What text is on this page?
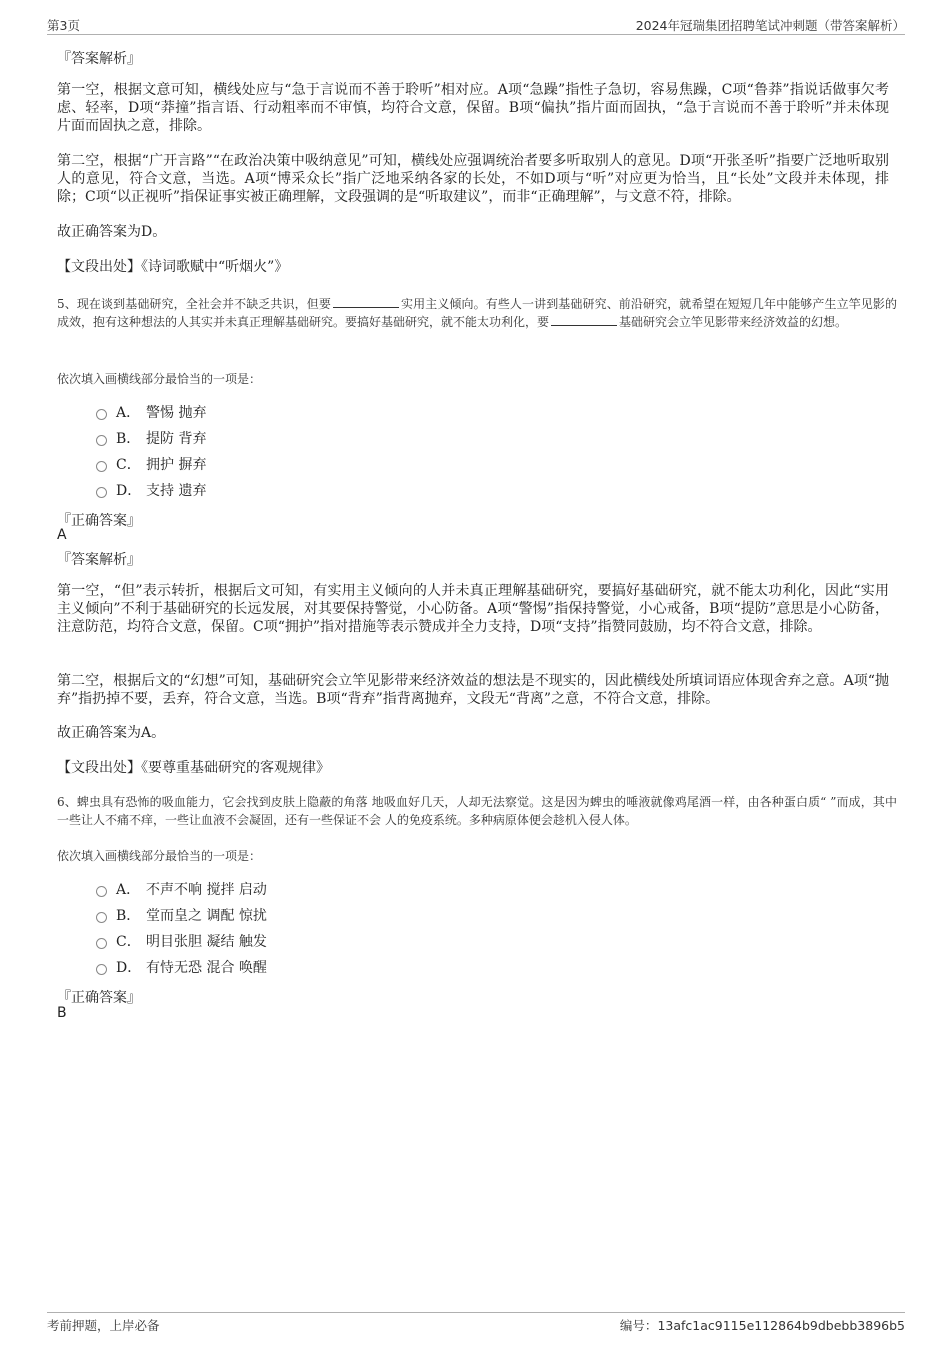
第3页	2024年冠瑞集团招聘笔试冲刺题（带答案解析）
『答案解析』
第一空，根据文意可知，横线处应与“急于言说而不善于聆听”相对应。A项“急躁”指性子急切，容易焦躁，C项“鲁莽”指说话做事欠考虑、轻率，D项“莽撞”指言语、行动粗率而不审慎，均符合文意，保留。B项“偏执”指片面而固执，“急于言说而不善于聆听”并未体现片面而固执之意，排除。
第二空，根据“广开言路”“在政治决策中吸纳意见”可知，横线处应强调统治者要多听取别人的意见。D项“开张圣听”指要广泛地听取别人的意见，符合文意，当选。A项“博采众长”指广泛地采纳各家的长处，不如D项与“听”对应更为恰当，且“长处”文段并未体现，排除；C项“以正视听”指保证事实被正确理解，文段强调的是“听取建议”，而非“正确理解”，与文意不符，排除。
故正确答案为D。
【文段出处】《诗词歌赋中“听烟火”》
5、现在谈到基础研究，全社会并不缺乏共识，但要	实用主义倾向。有些人一讲到基础研究、前沿研究，就希望在短短几年中能够产生立竿见影的成效，抱有这种想法的人其实并未真正理解基础研究。要搞好基础研究，就不能太功利化，要	基础研究会立竿见影带来经济效益的幻想。
依次填入画横线部分最恰当的一项是：
A． 警惕 抛弃
B． 提防 背弃
C． 拥护 摒弃
D． 支持 遗弃
『正确答案』
A
『答案解析』
第一空，“但”表示转折，根据后文可知，有实用主义倾向的人并未真正理解基础研究，要搞好基础研究，就不能太功利化，因此“实用主义倾向”不利于基础研究的长远发展，对其要保持警觉，小心防备。A项“警惕”指保持警觉，小心戒备，B项“提防”意思是小心防备，注意防范，均符合文意，保留。C项“拥护”指对措施等表示赞成并全力支持，D项“支持”指赞同鼓励，均不符合文意，排除。
第二空，根据后文的“幻想”可知，基础研究会立竿见影带来经济效益的想法是不现实的，因此横线处所填词语应体现舍弃之意。A项“抛弃”指扔掉不要，丢弃，符合文意，当选。B项“背弃”指背离抛弃，文段无“背离”之意，不符合文意，排除。
故正确答案为A。
【文段出处】《要尊重基础研究的客观规律》
6、蜱虫具有恐怖的吸血能力，它会找到皮肤上隐蔽的角落 地吸血好几天，人却无法察觉。这是因为蜱虫的唾液就像鸡尾酒一样，由各种蛋白质“ ”而成，其中一些让人不痛不痒，一些让血液不会凝固，还有一些保证不会 人的免疫系统。多种病原体便会趁机入侵人体。
依次填入画横线部分最恰当的一项是：
A． 不声不响 搅拌 启动
B． 堂而皇之 调配 惊扰
C． 明目张胆 凝结 触发
D． 有恃无恐 混合 唤醒
『正确答案』
B
考前押题，上岸必备	编号：13afc1ac9115e112864b9dbebb3896b5
